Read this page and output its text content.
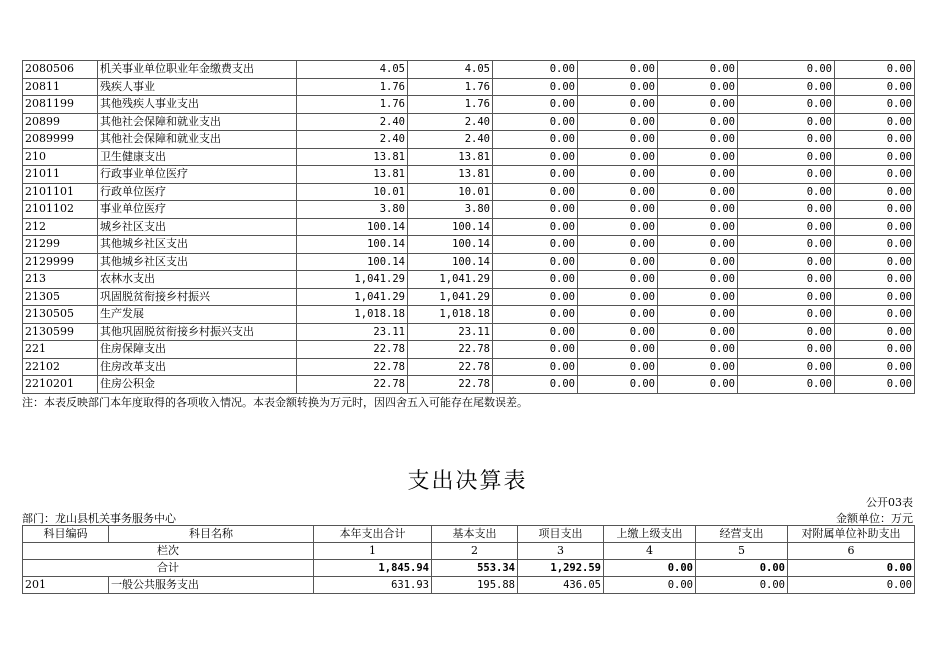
2080506	机关事业单位职业年金缴费支出	4.05	4.05	0.00	0.00	0.00	0.00	0.00
20811	残疾人事业	1.76	1.76	0.00	0.00	0.00	0.00	0.00
2081199	其他残疾人事业支出	1.76	1.76	0.00	0.00	0.00	0.00	0.00
20899	其他社会保障和就业支出	2.40	2.40	0.00	0.00	0.00	0.00	0.00
2089999	其他社会保障和就业支出	2.40	2.40	0.00	0.00	0.00	0.00	0.00
210	卫生健康支出	13.81	13.81	0.00	0.00	0.00	0.00	0.00
21011	行政事业单位医疗	13.81	13.81	0.00	0.00	0.00	0.00	0.00
2101101	行政单位医疗	10.01	10.01	0.00	0.00	0.00	0.00	0.00
2101102	事业单位医疗	3.80	3.80	0.00	0.00	0.00	0.00	0.00
212	城乡社区支出	100.14	100.14	0.00	0.00	0.00	0.00	0.00
21299	其他城乡社区支出	100.14	100.14	0.00	0.00	0.00	0.00	0.00
2129999	其他城乡社区支出	100.14	100.14	0.00	0.00	0.00	0.00	0.00
213	农林水支出	1,041.29	1,041.29	0.00	0.00	0.00	0.00	0.00
21305	巩固脱贫衔接乡村振兴	1,041.29	1,041.29	0.00	0.00	0.00	0.00	0.00
2130505	生产发展	1,018.18	1,018.18	0.00	0.00	0.00	0.00	0.00
2130599	其他巩固脱贫衔接乡村振兴支出	23.11	23.11	0.00	0.00	0.00	0.00	0.00
221	住房保障支出	22.78	22.78	0.00	0.00	0.00	0.00	0.00
22102	住房改革支出	22.78	22.78	0.00	0.00	0.00	0.00	0.00
2210201	住房公积金	22.78	22.78	0.00	0.00	0.00	0.00	0.00
注：本表反映部门本年度取得的各项收入情况。本表金额转换为万元时，因四舍五入可能存在尾数误差。
支出决算表
公开03表
部门：龙山县机关事务服务中心	金额单位：万元
科目编码	科目名称	本年支出合计	基本支出	项目支出	上缴上级支出	经营支出	对附属单位补助支出
栏次		1	2	3	4	5	6
合计		1,845.94	553.34	1,292.59	0.00	0.00	0.00
201	一般公共服务支出	631.93	195.88	436.05	0.00	0.00	0.00
